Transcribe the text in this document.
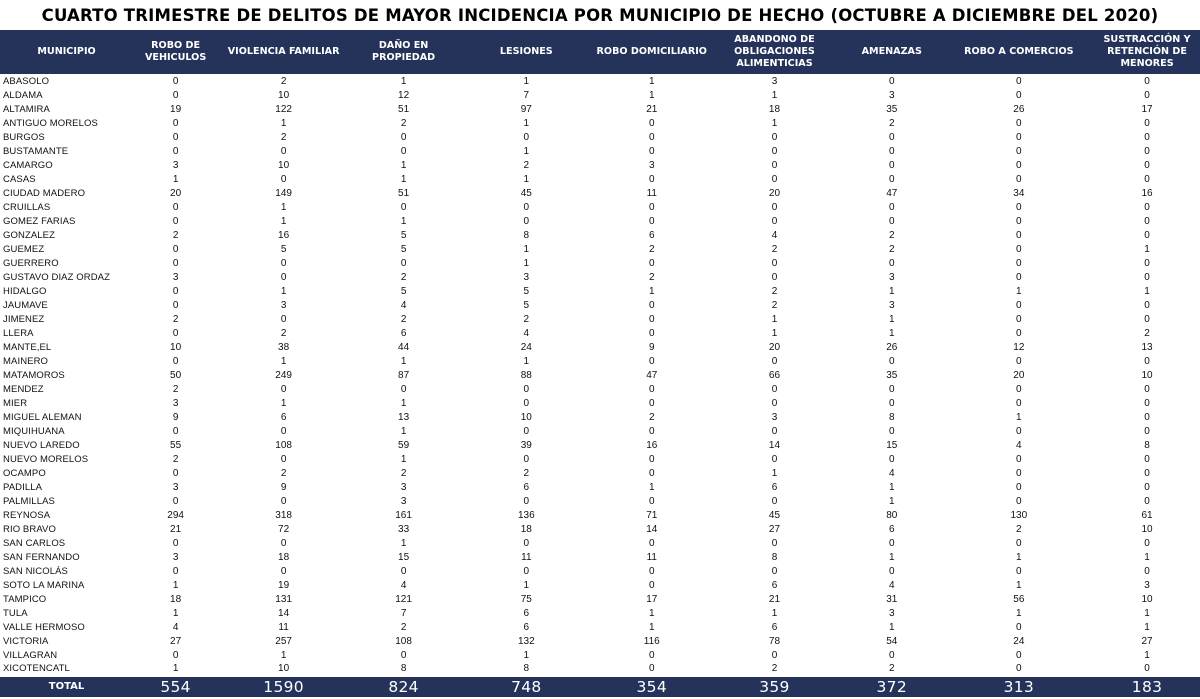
CUARTO TRIMESTRE DE DELITOS DE MAYOR INCIDENCIA POR MUNICIPIO DE HECHO (OCTUBRE A DICIEMBRE DEL 2020)
MUNICIPIO	ROBO DE VEHICULOS	VIOLENCIA FAMILIAR	DAÑO EN PROPIEDAD	LESIONES	ROBO DOMICILIARIO	ABANDONO DE OBLIGACIONES ALIMENTICIAS	AMENAZAS	ROBO A COMERCIOS	SUSTRACCIÓN Y RETENCIÓN DE MENORES
ABASOLO	0	2	1	1	1	3	0	0	0
ALDAMA	0	10	12	7	1	1	3	0	0
ALTAMIRA	19	122	51	97	21	18	35	26	17
ANTIGUO MORELOS	0	1	2	1	0	1	2	0	0
BURGOS	0	2	0	0	0	0	0	0	0
BUSTAMANTE	0	0	0	1	0	0	0	0	0
CAMARGO	3	10	1	2	3	0	0	0	0
CASAS	1	0	1	1	0	0	0	0	0
CIUDAD MADERO	20	149	51	45	11	20	47	34	16
CRUILLAS	0	1	0	0	0	0	0	0	0
GOMEZ FARIAS	0	1	1	0	0	0	0	0	0
GONZALEZ	2	16	5	8	6	4	2	0	0
GUEMEZ	0	5	5	1	2	2	2	0	1
GUERRERO	0	0	0	1	0	0	0	0	0
GUSTAVO DIAZ ORDAZ	3	0	2	3	2	0	3	0	0
HIDALGO	0	1	5	5	1	2	1	1	1
JAUMAVE	0	3	4	5	0	2	3	0	0
JIMENEZ	2	0	2	2	0	1	1	0	0
LLERA	0	2	6	4	0	1	1	0	2
MANTE,EL	10	38	44	24	9	20	26	12	13
MAINERO	0	1	1	1	0	0	0	0	0
MATAMOROS	50	249	87	88	47	66	35	20	10
MENDEZ	2	0	0	0	0	0	0	0	0
MIER	3	1	1	0	0	0	0	0	0
MIGUEL ALEMAN	9	6	13	10	2	3	8	1	0
MIQUIHUANA	0	0	1	0	0	0	0	0	0
NUEVO LAREDO	55	108	59	39	16	14	15	4	8
NUEVO MORELOS	2	0	1	0	0	0	0	0	0
OCAMPO	0	2	2	2	0	1	4	0	0
PADILLA	3	9	3	6	1	6	1	0	0
PALMILLAS	0	0	3	0	0	0	1	0	0
REYNOSA	294	318	161	136	71	45	80	130	61
RIO BRAVO	21	72	33	18	14	27	6	2	10
SAN CARLOS	0	0	1	0	0	0	0	0	0
SAN FERNANDO	3	18	15	11	11	8	1	1	1
SAN NICOLÁS	0	0	0	0	0	0	0	0	0
SOTO LA MARINA	1	19	4	1	0	6	4	1	3
TAMPICO	18	131	121	75	17	21	31	56	10
TULA	1	14	7	6	1	1	3	1	1
VALLE HERMOSO	4	11	2	6	1	6	1	0	1
VICTORIA	27	257	108	132	116	78	54	24	27
VILLAGRAN	0	1	0	1	0	0	0	0	1
XICOTENCATL	1	10	8	8	0	2	2	0	0
TOTAL	554	1590	824	748	354	359	372	313	183
